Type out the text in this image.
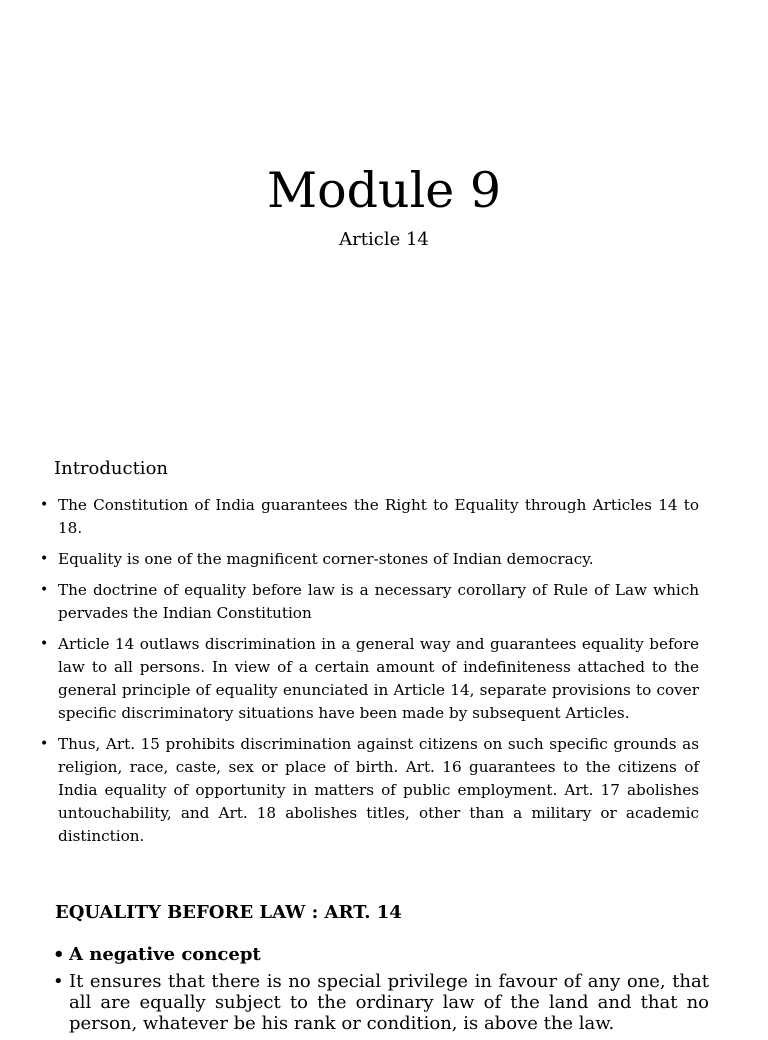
Module 9
Article 14
Introduction
• The Constitution of India guarantees the Right to Equality through Articles 14 to 18.
• Equality is one of the magnificent corner-stones of Indian democracy.
• The doctrine of equality before law is a necessary corollary of Rule of Law which pervades the Indian Constitution
• Article 14 outlaws discrimination in a general way and guarantees equality before law to all persons. In view of a certain amount of indefiniteness attached to the general principle of equality enunciated in Article 14, separate provisions to cover specific discriminatory situations have been made by subsequent Articles.
• Thus, Art. 15 prohibits discrimination against citizens on such specific grounds as religion, race, caste, sex or place of birth. Art. 16 guarantees to the citizens of India equality of opportunity in matters of public employment. Art. 17 abolishes untouchability, and Art. 18 abolishes titles, other than a military or academic distinction.
EQUALITY BEFORE LAW : ART. 14
• A negative concept
• It ensures that there is no special privilege in favour of any one, that all are equally subject to the ordinary law of the land and that no person, whatever be his rank or condition, is above the law.
